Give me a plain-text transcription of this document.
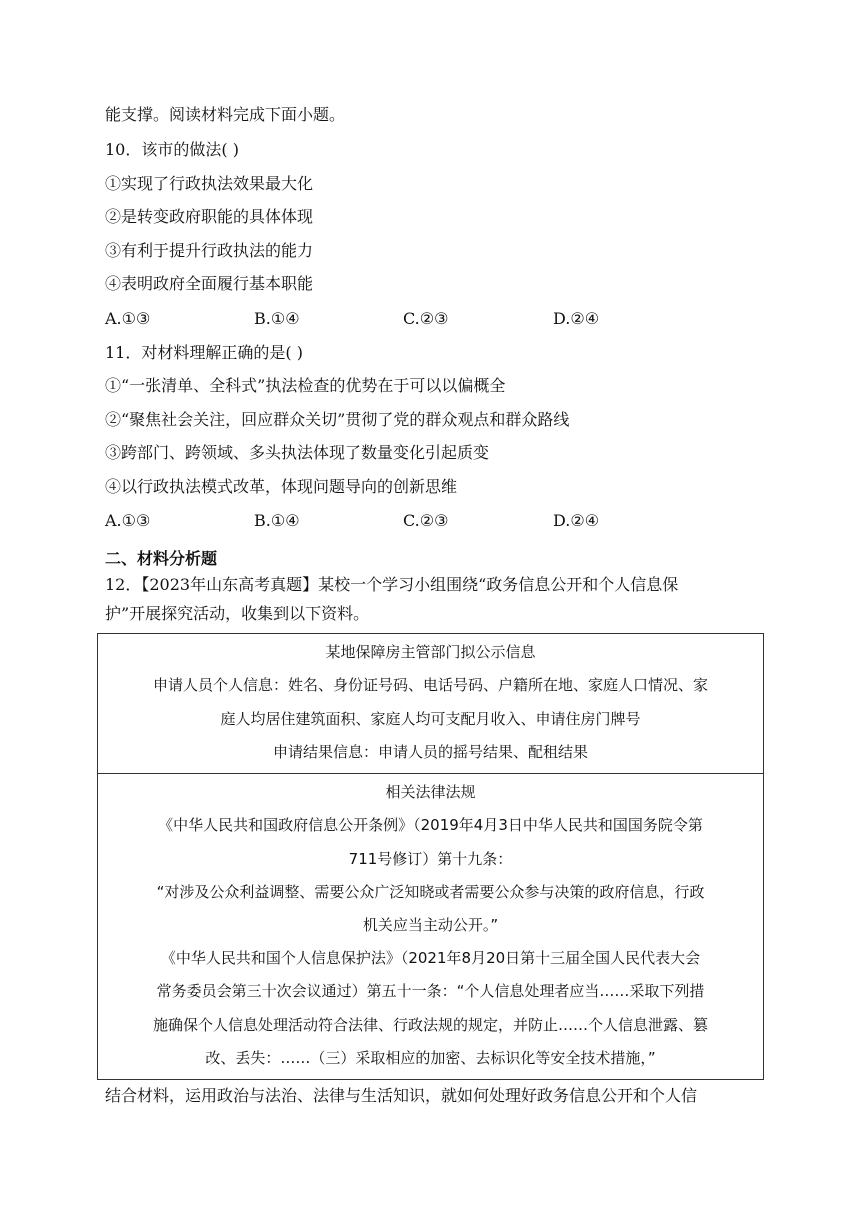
能支撑。阅读材料完成下面小题。
10．该市的做法( )
①实现了行政执法效果最大化
②是转变政府职能的具体体现
③有利于提升行政执法的能力
④表明政府全面履行基本职能
A.①③	B.①④	C.②③	D.②④
11．对材料理解正确的是( )
①“一张清单、全科式”执法检查的优势在于可以以偏概全
②“聚焦社会关注，回应群众关切”贯彻了党的群众观点和群众路线
③跨部门、跨领域、多头执法体现了数量变化引起质变
④以行政执法模式改革，体现问题导向的创新思维
A.①③	B.①④	C.②③	D.②④
二、材料分析题
12．【2023年山东高考真题】某校一个学习小组围绕“政务信息公开和个人信息保
护”开展探究活动，收集到以下资料。
某地保障房主管部门拟公示信息
申请人员个人信息：姓名、身份证号码、电话号码、户籍所在地、家庭人口情况、家
庭人均居住建筑面积、家庭人均可支配月收入、申请住房门牌号
申请结果信息：申请人员的摇号结果、配租结果

相关法律法规
《中华人民共和国政府信息公开条例》（2019年4月3日中华人民共和国国务院令第
711号修订）第十九条：
“对涉及公众利益调整、需要公众广泛知晓或者需要公众参与决策的政府信息，行政
机关应当主动公开。”
《中华人民共和国个人信息保护法》（2021年8月20日第十三届全国人民代表大会
常务委员会第三十次会议通过）第五十一条：“个人信息处理者应当……采取下列措
施确保个人信息处理活动符合法律、行政法规的规定，并防止……个人信息泄露、篡
改、丢失：……（三）采取相应的加密、去标识化等安全技术措施，”
结合材料，运用政治与法治、法律与生活知识，就如何处理好政务信息公开和个人信
